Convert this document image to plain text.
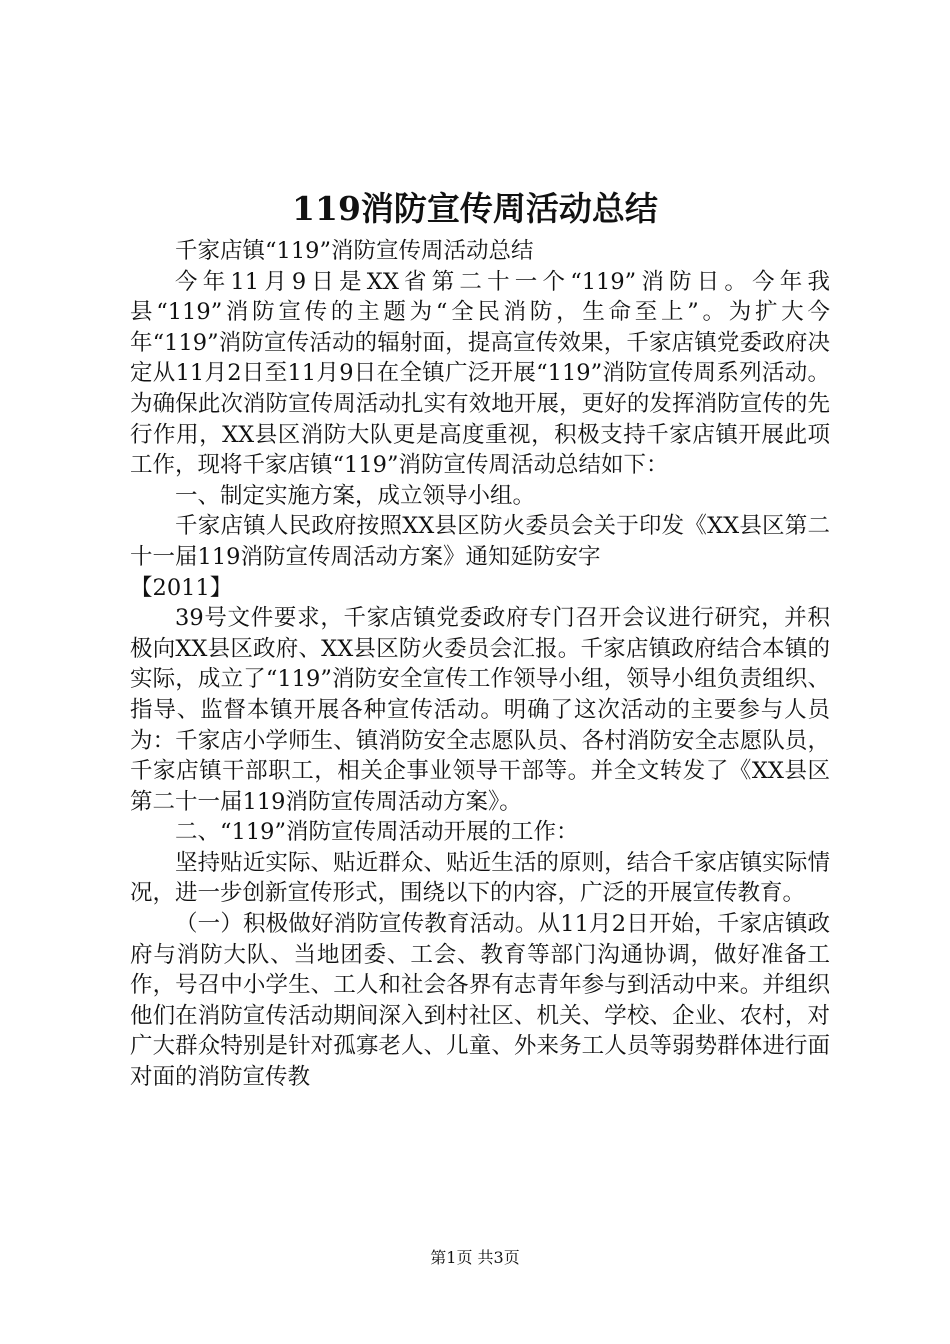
119消防宣传周活动总结

千家店镇“119”消防宣传周活动总结

今年11月9日是XX省第二十一个“119”消防日。今年我县“119”消防宣传的主题为“全民消防，生命至上”。为扩大今年“119”消防宣传活动的辐射面，提高宣传效果，千家店镇党委政府决定从11月2日至11月9日在全镇广泛开展“119”消防宣传周系列活动。为确保此次消防宣传周活动扎实有效地开展，更好的发挥消防宣传的先行作用，XX县区消防大队更是高度重视，积极支持千家店镇开展此项工作，现将千家店镇“119”消防宣传周活动总结如下：

一、制定实施方案，成立领导小组。

千家店镇人民政府按照XX县区防火委员会关于印发《XX县区第二十一届119消防宣传周活动方案》通知延防安字

【2011】

39号文件要求，千家店镇党委政府专门召开会议进行研究，并积极向XX县区政府、XX县区防火委员会汇报。千家店镇政府结合本镇的实际，成立了“119”消防安全宣传工作领导小组，领导小组负责组织、指导、监督本镇开展各种宣传活动。明确了这次活动的主要参与人员为：千家店小学师生、镇消防安全志愿队员、各村消防安全志愿队员，千家店镇干部职工，相关企事业领导干部等。并全文转发了《XX县区第二十一届119消防宣传周活动方案》。

二、“119”消防宣传周活动开展的工作：

坚持贴近实际、贴近群众、贴近生活的原则，结合千家店镇实际情况，进一步创新宣传形式，围绕以下的内容，广泛的开展宣传教育。

（一）积极做好消防宣传教育活动。从11月2日开始，千家店镇政府与消防大队、当地团委、工会、教育等部门沟通协调，做好准备工作，号召中小学生、工人和社会各界有志青年参与到活动中来。并组织他们在消防宣传活动期间深入到村社区、机关、学校、企业、农村，对广大群众特别是针对孤寡老人、儿童、外来务工人员等弱势群体进行面对面的消防宣传教

第1页 共3页
